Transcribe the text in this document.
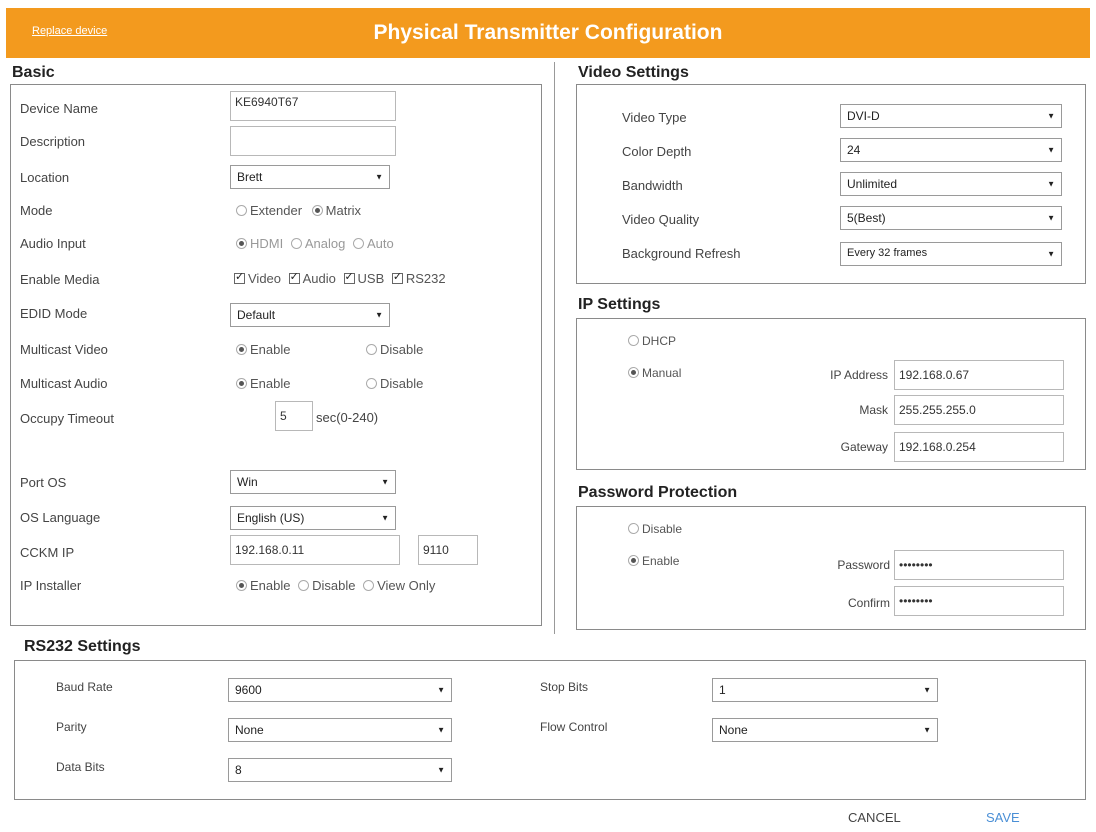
Replace device	Physical Transmitter Configuration
Basic
Device Name	KE6940T67
Description
Location	Brett	▼
Mode	Extender Matrix
Audio Input	HDMI Analog Auto
Enable Media ✓	Video ✓ Audio ✓ USB ✓ RS232
EDID Mode	Default	▼
Multicast Video	Enable	Disable
Multicast Audio	Enable	Disable
Occupy Timeout	5	sec(0-240)
Port OS	Win	▼
OS Language	English (US)	▼
CCKM IP	192.168.0.11	9110
IP Installer	Enable Disable View Only
Video Settings
Video Type	DVI-D	▼
Color Depth	24	▼
Bandwidth	Unlimited	▼
Video Quality	5(Best)	▼
Background Refresh	Every 32 frames	▼
IP Settings
DHCP
Manual	IP Address 192.168.0.67
Mask 255.255.255.0
Gateway 192.168.0.254
Password Protection
Disable
Enable	Password ••••••••
Confirm ••••••••
RS232 Settings
Baud Rate	9600	▼
Parity	None	▼
Data Bits	8	▼
Stop Bits	1	▼
Flow Control	None	▼
CANCEL	SAVE
